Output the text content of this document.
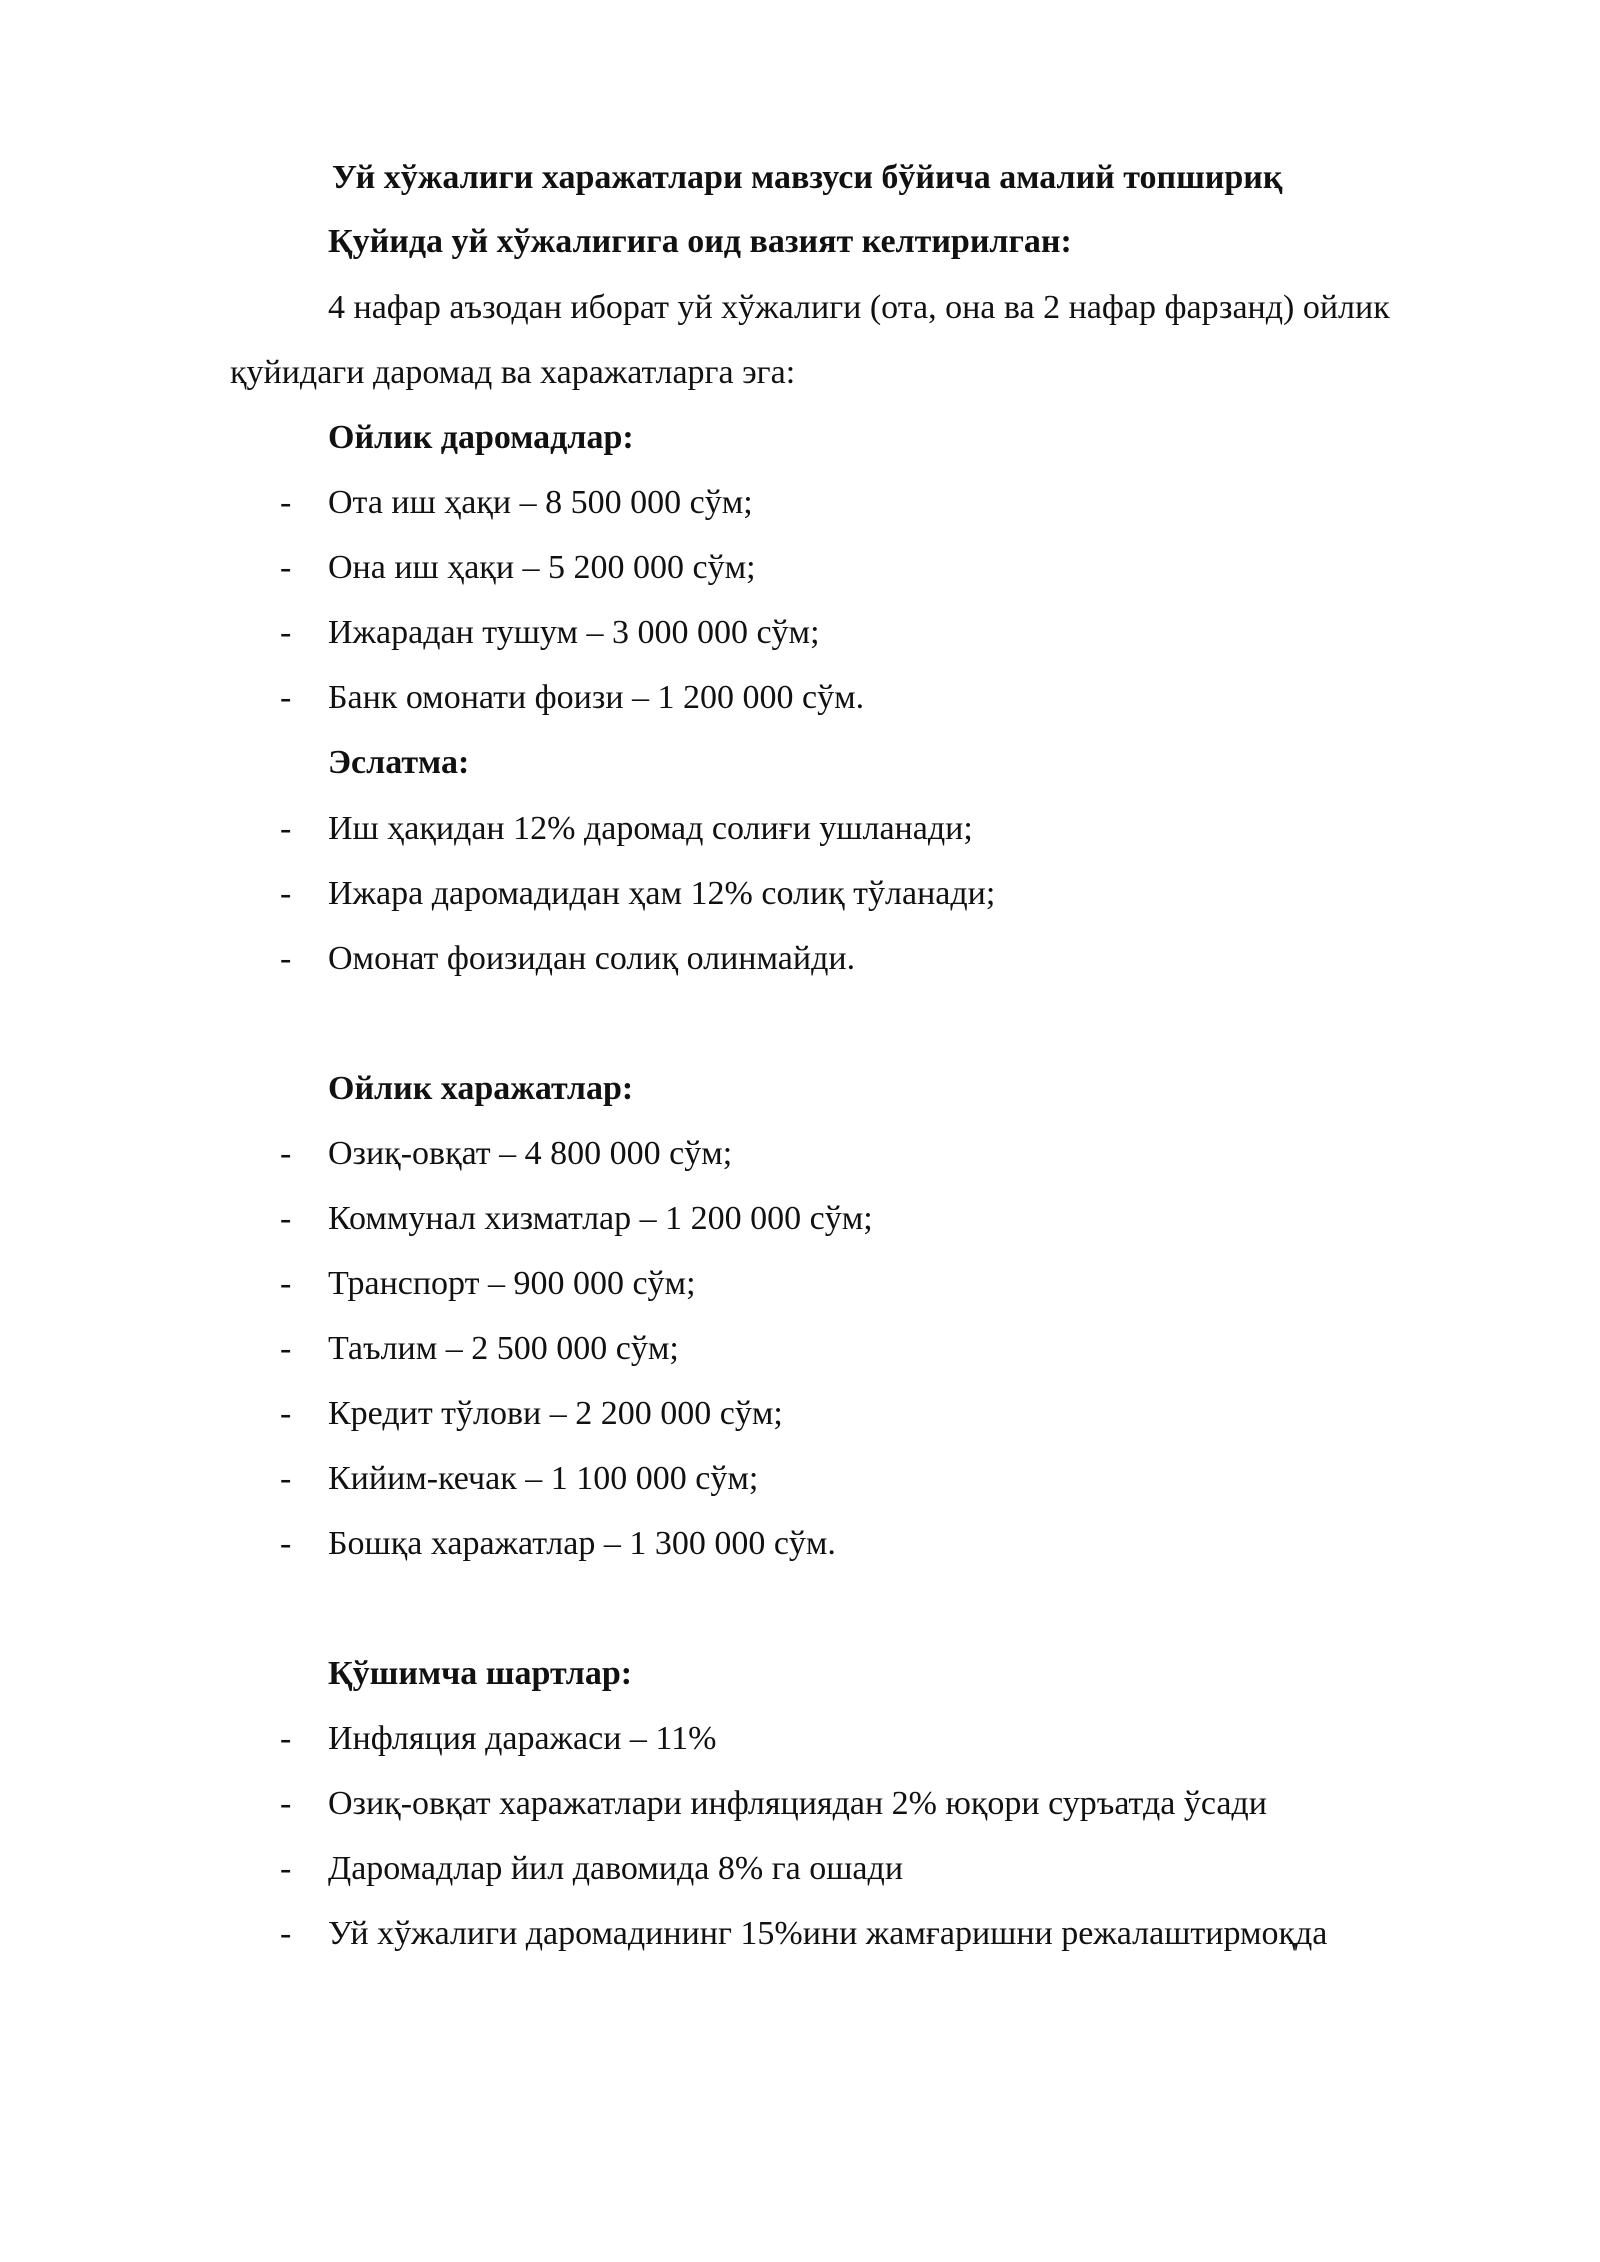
Уй хўжалиги харажатлари мавзуси бўйича амалий топшириқ
Қуйида уй хўжалигига оид вазият келтирилган:
4 нафар аъзодан иборат уй хўжалиги (ота, она ва 2 нафар фарзанд) ойлик
қуйидаги даромад ва харажатларга эга:
Ойлик даромадлар:
- Ота иш ҳақи – 8 500 000 сўм;
- Она иш ҳақи – 5 200 000 сўм;
- Ижарадан тушум – 3 000 000 сўм;
- Банк омонати фоизи – 1 200 000 сўм.
Эслатма:
- Иш ҳақидан 12% даромад солиғи ушланади;
- Ижара даромадидан ҳам 12% солиқ тўланади;
- Омонат фоизидан солиқ олинмайди.
Ойлик харажатлар:
- Озиқ-овқат – 4 800 000 сўм;
- Коммунал хизматлар – 1 200 000 сўм;
- Транспорт – 900 000 сўм;
- Таълим – 2 500 000 сўм;
- Кредит тўлови – 2 200 000 сўм;
- Кийим-кечак – 1 100 000 сўм;
- Бошқа харажатлар – 1 300 000 сўм.
Қўшимча шартлар:
- Инфляция даражаси – 11%
- Озиқ-овқат харажатлари инфляциядан 2% юқори суръатда ўсади
- Даромадлар йил давомида 8% га ошади
- Уй хўжалиги даромадининг 15%ини жамғаришни режалаштирмоқда
